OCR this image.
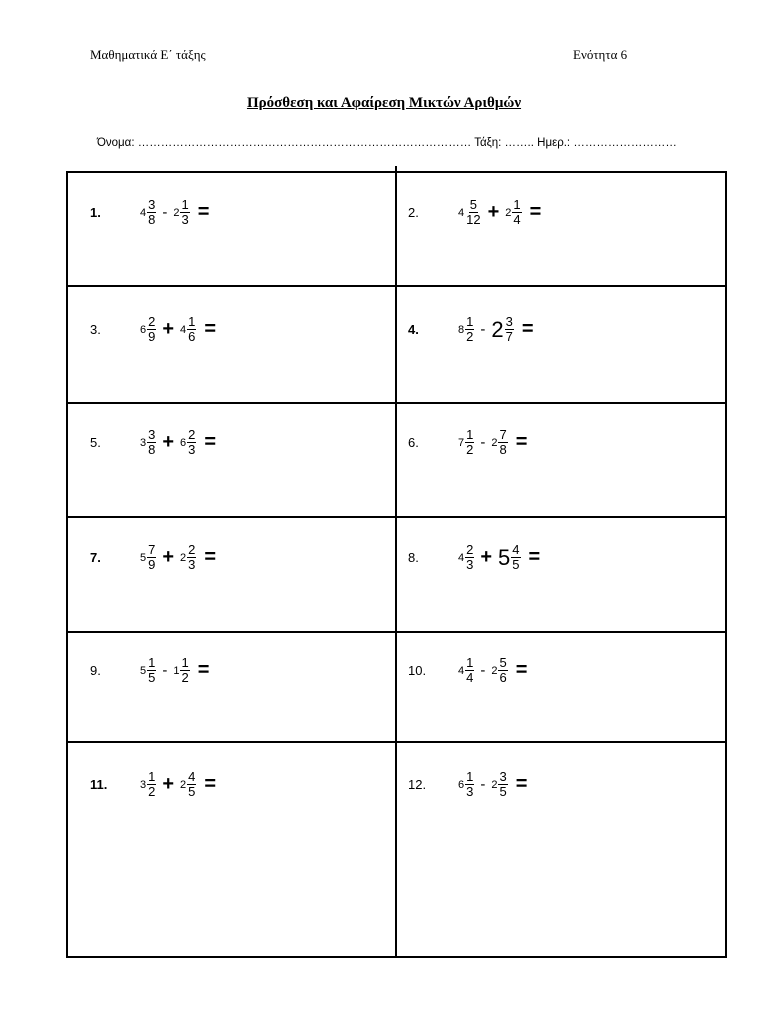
Μαθηματικά Ε΄ τάξης	Ενότητα 6
Πρόσθεση και Αφαίρεση Μικτών Αριθμών
Όνομα: …………………………………………………………………………… Τάξη: …….. Ημερ.: ………………………
1.	$4 \frac{3}{8} - 2 \frac{1}{3}$ =	2.	$4 \frac{5}{12} + 2 \frac{1}{4}$ =
3.	$6 \frac{2}{9} + 4 \frac{1}{6}$ =	4.	$8 \frac{1}{2} - 2 \frac{3}{7}$ =
5.	$3 \frac{3}{8} + 6 \frac{2}{3}$ =	6.	$7 \frac{1}{2} - 2 \frac{7}{8}$ =
7.	$5 \frac{7}{9} + 2 \frac{2}{3}$ =	8.	$4 \frac{2}{3} + 5 \frac{4}{5}$ =
9.	$5 \frac{1}{5} - 1 \frac{1}{2}$ =	10.	$4 \frac{1}{4} - 2 \frac{5}{6}$ =
11.	$3 \frac{1}{2} + 2 \frac{4}{5}$ =	12.	$6 \frac{1}{3} - 2 \frac{3}{5}$ =
